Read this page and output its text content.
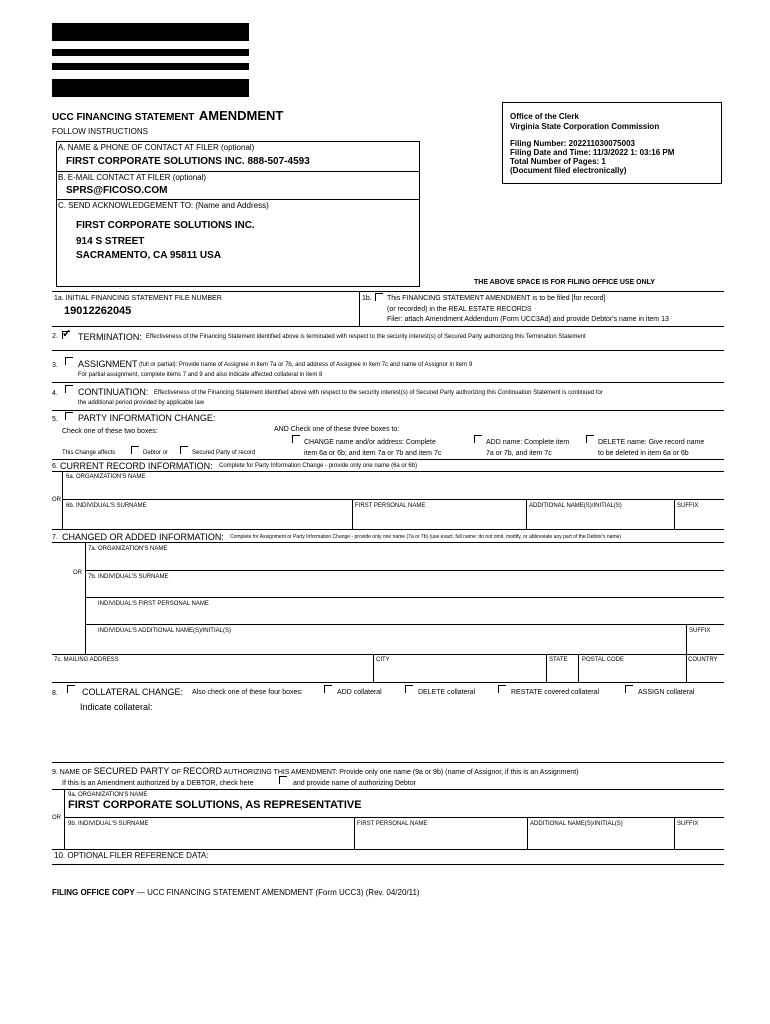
UCC FINANCING STATEMENT AMENDMENT
FOLLOW INSTRUCTIONS
Office of the Clerk
Virginia State Corporation Commission
Filing Number: 202211030075003
Filing Date and Time: 11/3/2022 1: 03:16 PM
Total Number of Pages: 1
(Document filed electronically)
A. NAME & PHONE OF CONTACT AT FILER (optional)
FIRST CORPORATE SOLUTIONS INC. 888-507-4593
B. E-MAIL CONTACT AT FILER (optional)
SPRS@FICOSO.COM
C. SEND ACKNOWLEDGEMENT TO: (Name and Address)
FIRST CORPORATE SOLUTIONS INC.
914 S STREET
SACRAMENTO, CA 95811 USA
THE ABOVE SPACE IS FOR FILING OFFICE USE ONLY
1a. INITIAL FINANCING STATEMENT FILE NUMBER
19012262045
1b. This FINANCING STATEMENT AMENDMENT is to be filed [for record]
(or recorded) in the REAL ESTATE RECORDS
Filer: attach Amendment Addendum (Form UCC3Ad) and provide Debtor's name in item 13
2. ✓ TERMINATION: Effectiveness of the Financing Statement identified above is terminated with respect to the security interest(s) of Secured Party authorizing this Termination Statement
3. ASSIGNMENT (full or partial): Provide name of Assignee in item 7a or 7b, and address of Assignee in item 7c and name of Assignor in item 9
For partial assignment, complete items 7 and 9 and also indicate affected collateral in item 8
4. CONTINUATION: Effectiveness of the Financing Statement identified above with respect to the security interest(s) of Secured Party authorizing this Continuation Statement is continued for
the additional period provided by applicable law
5. PARTY INFORMATION CHANGE:
Check one of these two boxes:	AND Check one of these three boxes to:
This Change affects	Debtor or	Secured Party of record
CHANGE name and/or address: Complete
item 6a or 6b; and item 7a or 7b and item 7c
ADD name: Complete item
7a or 7b, and item 7c
DELETE name: Give record name
to be deleted in item 6a or 6b
6. CURRENT RECORD INFORMATION: Complete for Party Information Change - provide only one name (6a or 6b)
6a. ORGANIZATION'S NAME
OR
6b. INDIVIDUAL'S SURNAME	FIRST PERSONAL NAME	ADDITIONAL NAME(S)/INITIAL(S)	SUFFIX
7. CHANGED OR ADDED INFORMATION: Complete for Assignment or Party Information Change - provide only one name (7a or 7b) (use exact, full name; do not omit, modify, or abbreviate any part of the Debtor's name)
7a. ORGANIZATION'S NAME
OR
7b. INDIVIDUAL'S SURNAME
INDIVIDUAL'S FIRST PERSONAL NAME
INDIVIDUAL'S ADDITIONAL NAME(S)/INITIAL(S)	SUFFIX
7c. MAILING ADDRESS	CITY	STATE POSTAL CODE	COUNTRY
8.	COLLATERAL CHANGE: Also check one of these four boxes:	ADD collateral	DELETE collateral	RESTATE covered collateral	ASSIGN collateral
Indicate collateral:
9. NAME OF SECURED PARTY OF RECORD AUTHORIZING THIS AMENDMENT: Provide only one name (9a or 9b) (name of Assignor, if this is an Assignment)
If this is an Amendment authorized by a DEBTOR, check here	and provide name of authorizing Debtor
9a. ORGANIZATION'S NAME
FIRST CORPORATE SOLUTIONS, AS REPRESENTATIVE
OR
9b. INDIVIDUAL'S SURNAME	FIRST PERSONAL NAME	ADDITIONAL NAME(S)/INITIAL(S)	SUFFIX
10. OPTIONAL FILER REFERENCE DATA:
FILING OFFICE COPY — UCC FINANCING STATEMENT AMENDMENT (Form UCC3) (Rev. 04/20/11)
